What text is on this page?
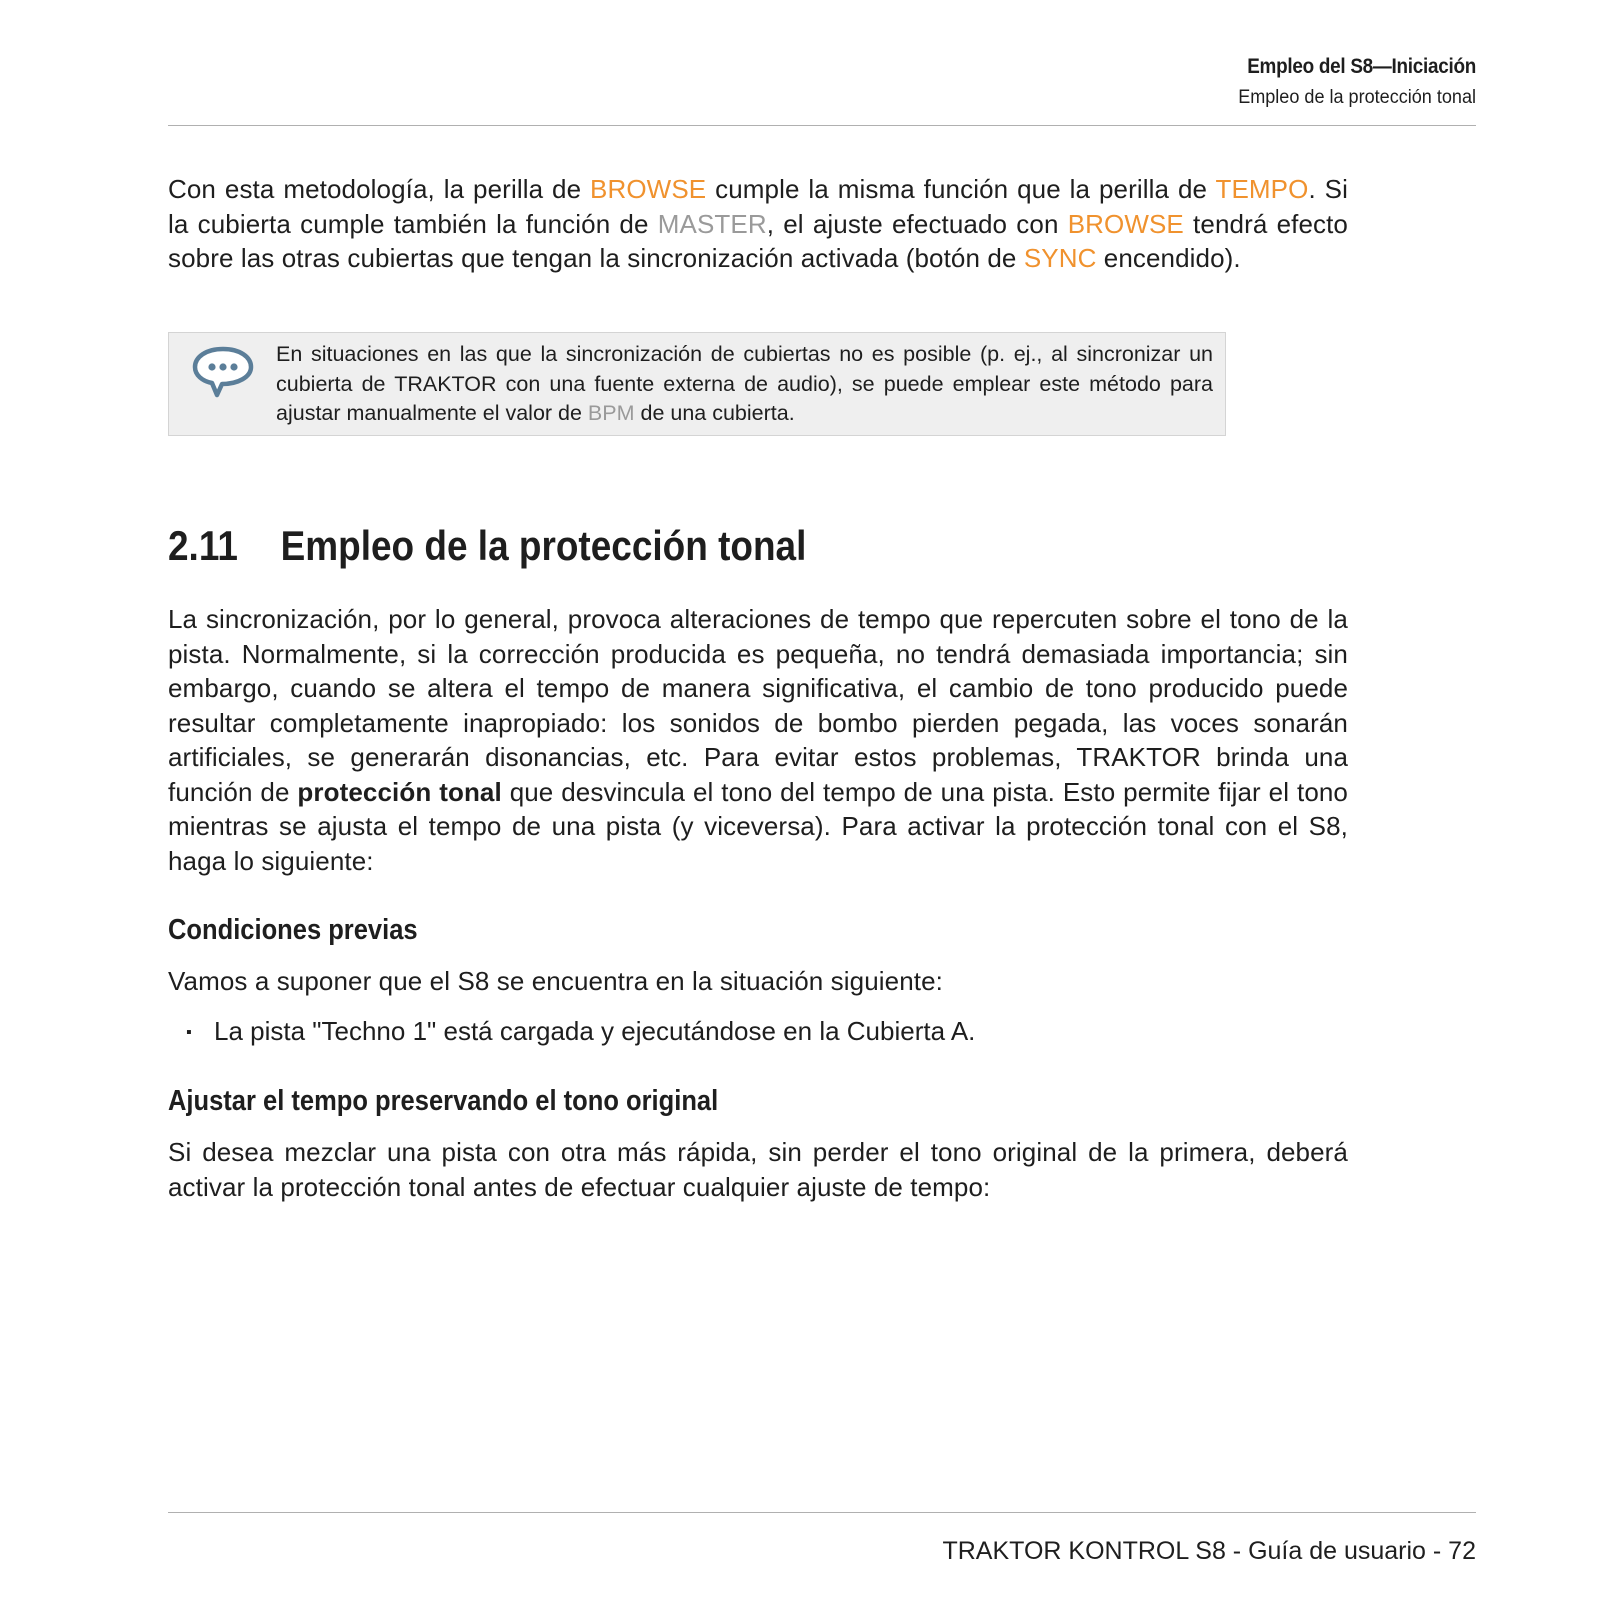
Empleo del S8—Iniciación
Empleo de la protección tonal
Con esta metodología, la perilla de BROWSE cumple la misma función que la perilla de TEMPO. Si la cubierta cumple también la función de MASTER, el ajuste efectuado con BROWSE tendrá efecto sobre las otras cubiertas que tengan la sincronización activada (botón de SYNC encendido).
En situaciones en las que la sincronización de cubiertas no es posible (p. ej., al sincronizar un cubierta de TRAKTOR con una fuente externa de audio), se puede emplear este método para ajustar manualmente el valor de BPM de una cubierta.
2.11 Empleo de la protección tonal
La sincronización, por lo general, provoca alteraciones de tempo que repercuten sobre el tono de la pista. Normalmente, si la corrección producida es pequeña, no tendrá demasiada importancia; sin embargo, cuando se altera el tempo de manera significativa, el cambio de tono producido puede resultar completamente inapropiado: los sonidos de bombo pierden pegada, las voces sonarán artificiales, se generarán disonancias, etc. Para evitar estos problemas, TRAKTOR brinda una función de protección tonal que desvincula el tono del tempo de una pista. Esto permite fijar el tono mientras se ajusta el tempo de una pista (y viceversa). Para activar la protección tonal con el S8, haga lo siguiente:
Condiciones previas
Vamos a suponer que el S8 se encuentra en la situación siguiente:
▪ La pista "Techno 1" está cargada y ejecutándose en la Cubierta A.
Ajustar el tempo preservando el tono original
Si desea mezclar una pista con otra más rápida, sin perder el tono original de la primera, deberá activar la protección tonal antes de efectuar cualquier ajuste de tempo:
TRAKTOR KONTROL S8 - Guía de usuario - 72
